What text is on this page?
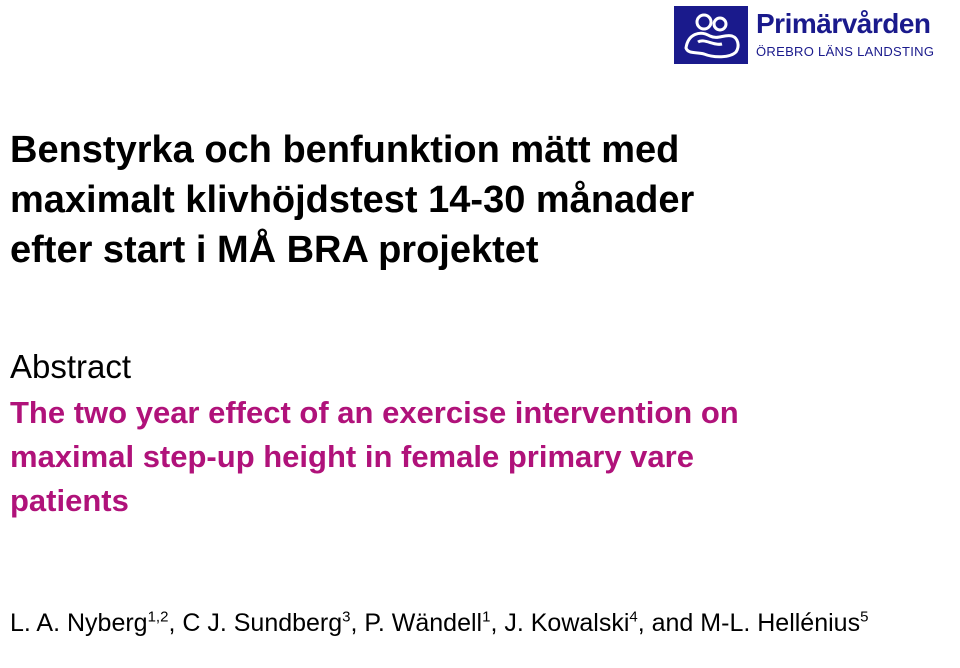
Primärvården
ÖREBRO LÄNS LANDSTING
Benstyrka och benfunktion mätt med
maximalt klivhöjdstest 14-30 månader
efter start i MÅ BRA projektet
Abstract
The two year effect of an exercise intervention on
maximal step-up height in female primary vare
patients
L. A. Nyberg$^{1,2}$, C J. Sundberg$^3$, P. Wändell$^1$, J. Kowalski$^4$, and M-L. Hellénius$^5$
